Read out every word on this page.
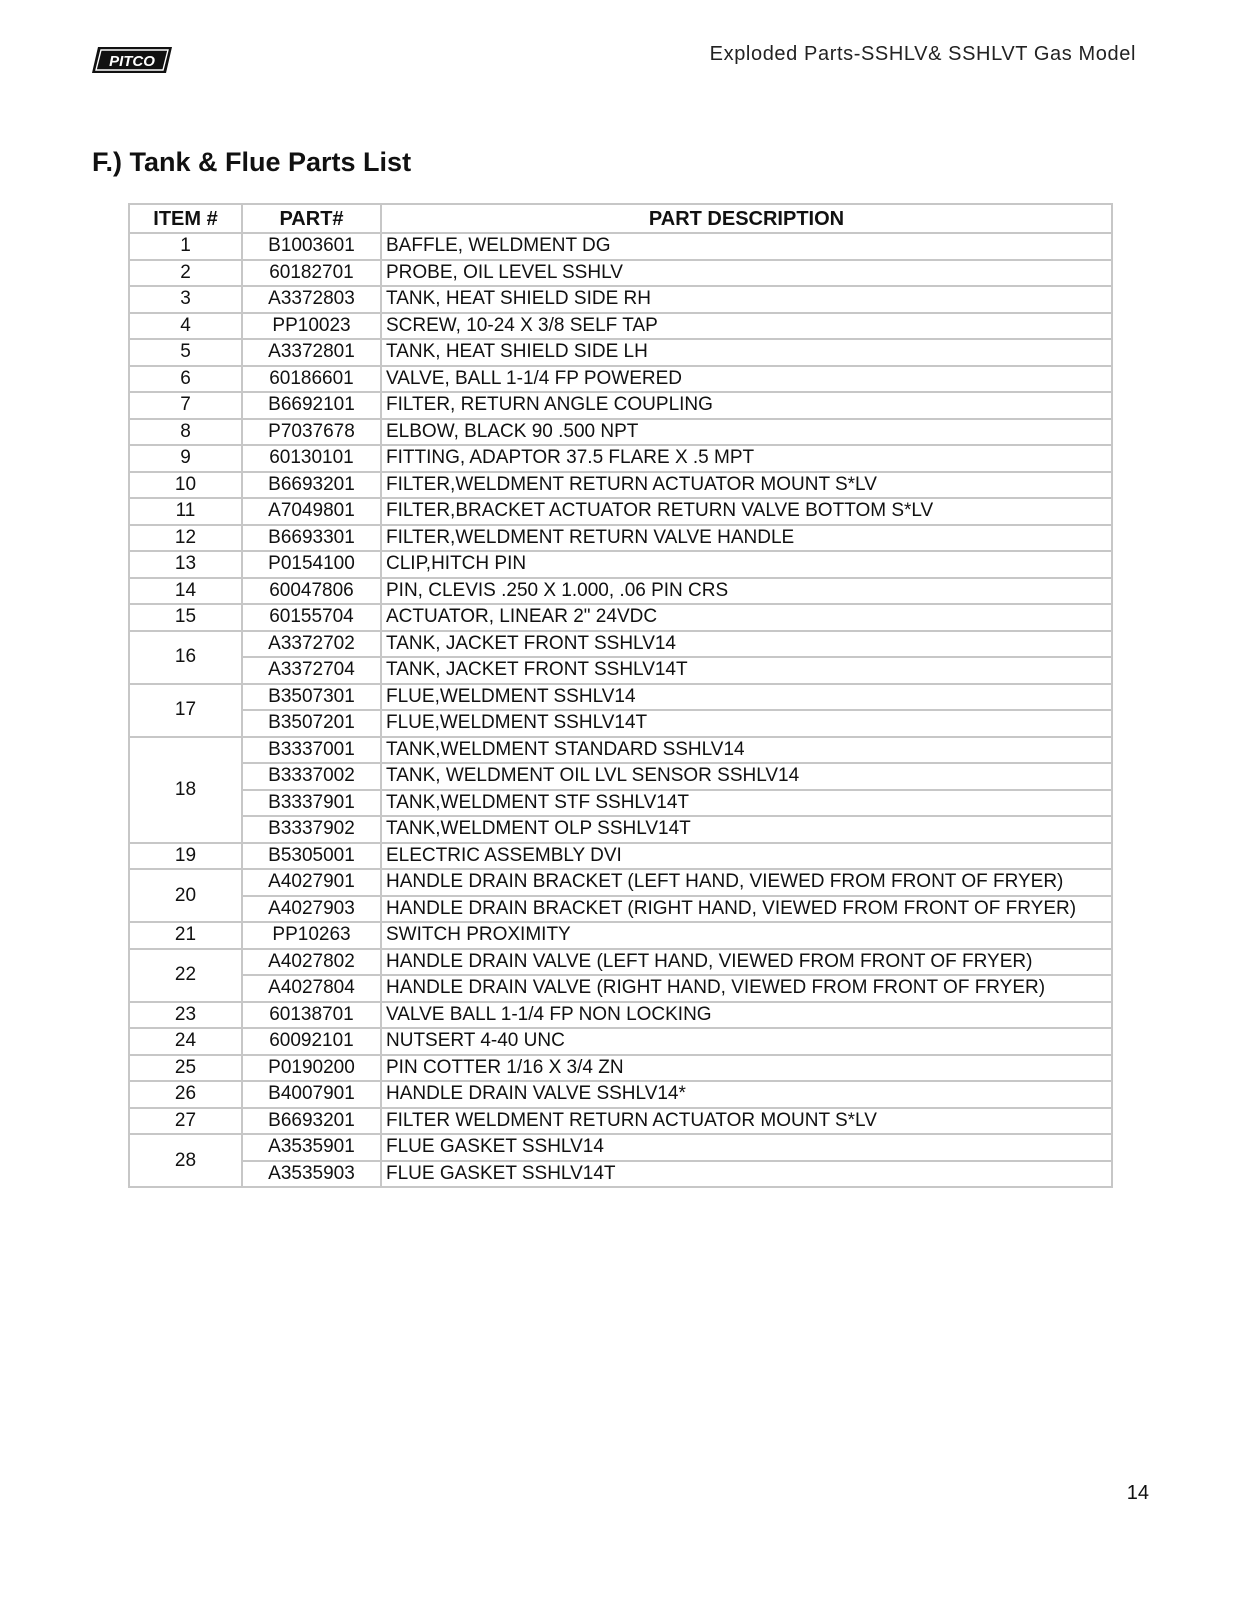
PITCO	Exploded Parts-SSHLV& SSHLVT Gas Model
F.) Tank & Flue Parts List
ITEM #	PART#	PART DESCRIPTION
1	B1003601	BAFFLE, WELDMENT DG
2	60182701	PROBE, OIL LEVEL SSHLV
3	A3372803	TANK, HEAT SHIELD SIDE RH
4	PP10023	SCREW, 10-24 X 3/8 SELF TAP
5	A3372801	TANK, HEAT SHIELD SIDE LH
6	60186601	VALVE, BALL 1-1/4 FP POWERED
7	B6692101	FILTER, RETURN ANGLE COUPLING
8	P7037678	ELBOW, BLACK 90 .500 NPT
9	60130101	FITTING, ADAPTOR 37.5 FLARE X .5 MPT
10	B6693201	FILTER,WELDMENT RETURN ACTUATOR MOUNT S*LV
11	A7049801	FILTER,BRACKET ACTUATOR RETURN VALVE BOTTOM S*LV
12	B6693301	FILTER,WELDMENT RETURN VALVE HANDLE
13	P0154100	CLIP,HITCH PIN
14	60047806	PIN, CLEVIS .250 X 1.000, .06 PIN CRS
15	60155704	ACTUATOR, LINEAR 2" 24VDC
16	A3372702	TANK, JACKET FRONT SSHLV14
	A3372704	TANK, JACKET FRONT SSHLV14T
17	B3507301	FLUE,WELDMENT SSHLV14
	B3507201	FLUE,WELDMENT SSHLV14T
18	B3337001	TANK,WELDMENT STANDARD SSHLV14
	B3337002	TANK, WELDMENT OIL LVL SENSOR SSHLV14
	B3337901	TANK,WELDMENT STF SSHLV14T
	B3337902	TANK,WELDMENT OLP SSHLV14T
19	B5305001	ELECTRIC ASSEMBLY DVI
20	A4027901	HANDLE DRAIN BRACKET (LEFT HAND, VIEWED FROM FRONT OF FRYER)
	A4027903	HANDLE DRAIN BRACKET (RIGHT HAND, VIEWED FROM FRONT OF FRYER)
21	PP10263	SWITCH PROXIMITY
22	A4027802	HANDLE DRAIN VALVE (LEFT HAND, VIEWED FROM FRONT OF FRYER)
	A4027804	HANDLE DRAIN VALVE (RIGHT HAND, VIEWED FROM FRONT OF FRYER)
23	60138701	VALVE BALL 1-1/4 FP NON LOCKING
24	60092101	NUTSERT 4-40 UNC
25	P0190200	PIN COTTER 1/16 X 3/4 ZN
26	B4007901	HANDLE DRAIN VALVE SSHLV14*
27	B6693201	FILTER WELDMENT RETURN ACTUATOR MOUNT S*LV
28	A3535901	FLUE GASKET SSHLV14
	A3535903	FLUE GASKET SSHLV14T
14
